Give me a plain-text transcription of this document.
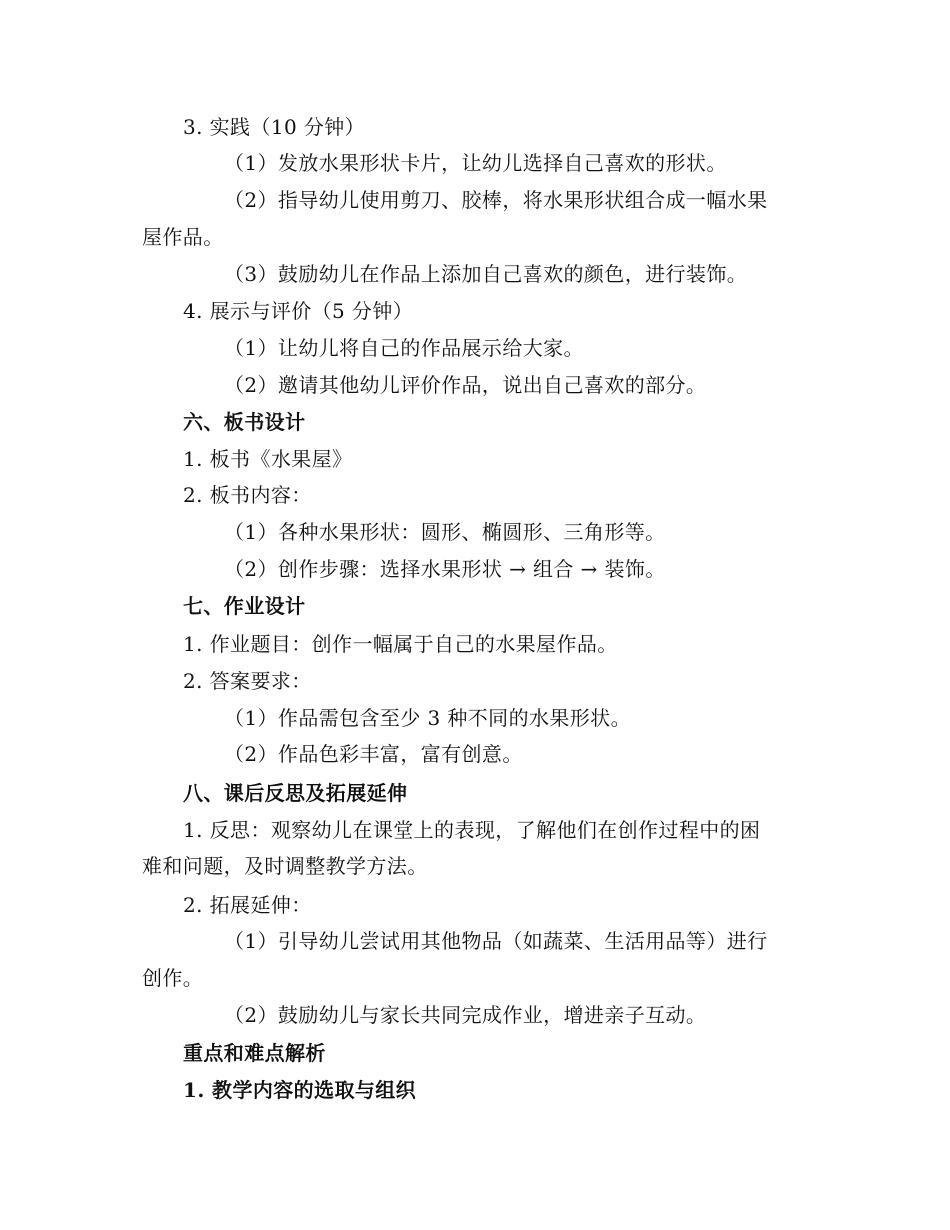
3. 实践（10 分钟）
（1）发放水果形状卡片，让幼儿选择自己喜欢的形状。
（2）指导幼儿使用剪刀、胶棒，将水果形状组合成一幅水果
屋作品。
（3）鼓励幼儿在作品上添加自己喜欢的颜色，进行装饰。
4. 展示与评价（5 分钟）
（1）让幼儿将自己的作品展示给大家。
（2）邀请其他幼儿评价作品，说出自己喜欢的部分。
六、板书设计
1. 板书《水果屋》
2. 板书内容：
（1）各种水果形状：圆形、椭圆形、三角形等。
（2）创作步骤：选择水果形状 → 组合 → 装饰。
七、作业设计
1. 作业题目：创作一幅属于自己的水果屋作品。
2. 答案要求：
（1）作品需包含至少 3 种不同的水果形状。
（2）作品色彩丰富，富有创意。
八、课后反思及拓展延伸
1. 反思：观察幼儿在课堂上的表现，了解他们在创作过程中的困
难和问题，及时调整教学方法。
2. 拓展延伸：
（1）引导幼儿尝试用其他物品（如蔬菜、生活用品等）进行
创作。
（2）鼓励幼儿与家长共同完成作业，增进亲子互动。
重点和难点解析
1. 教学内容的选取与组织
